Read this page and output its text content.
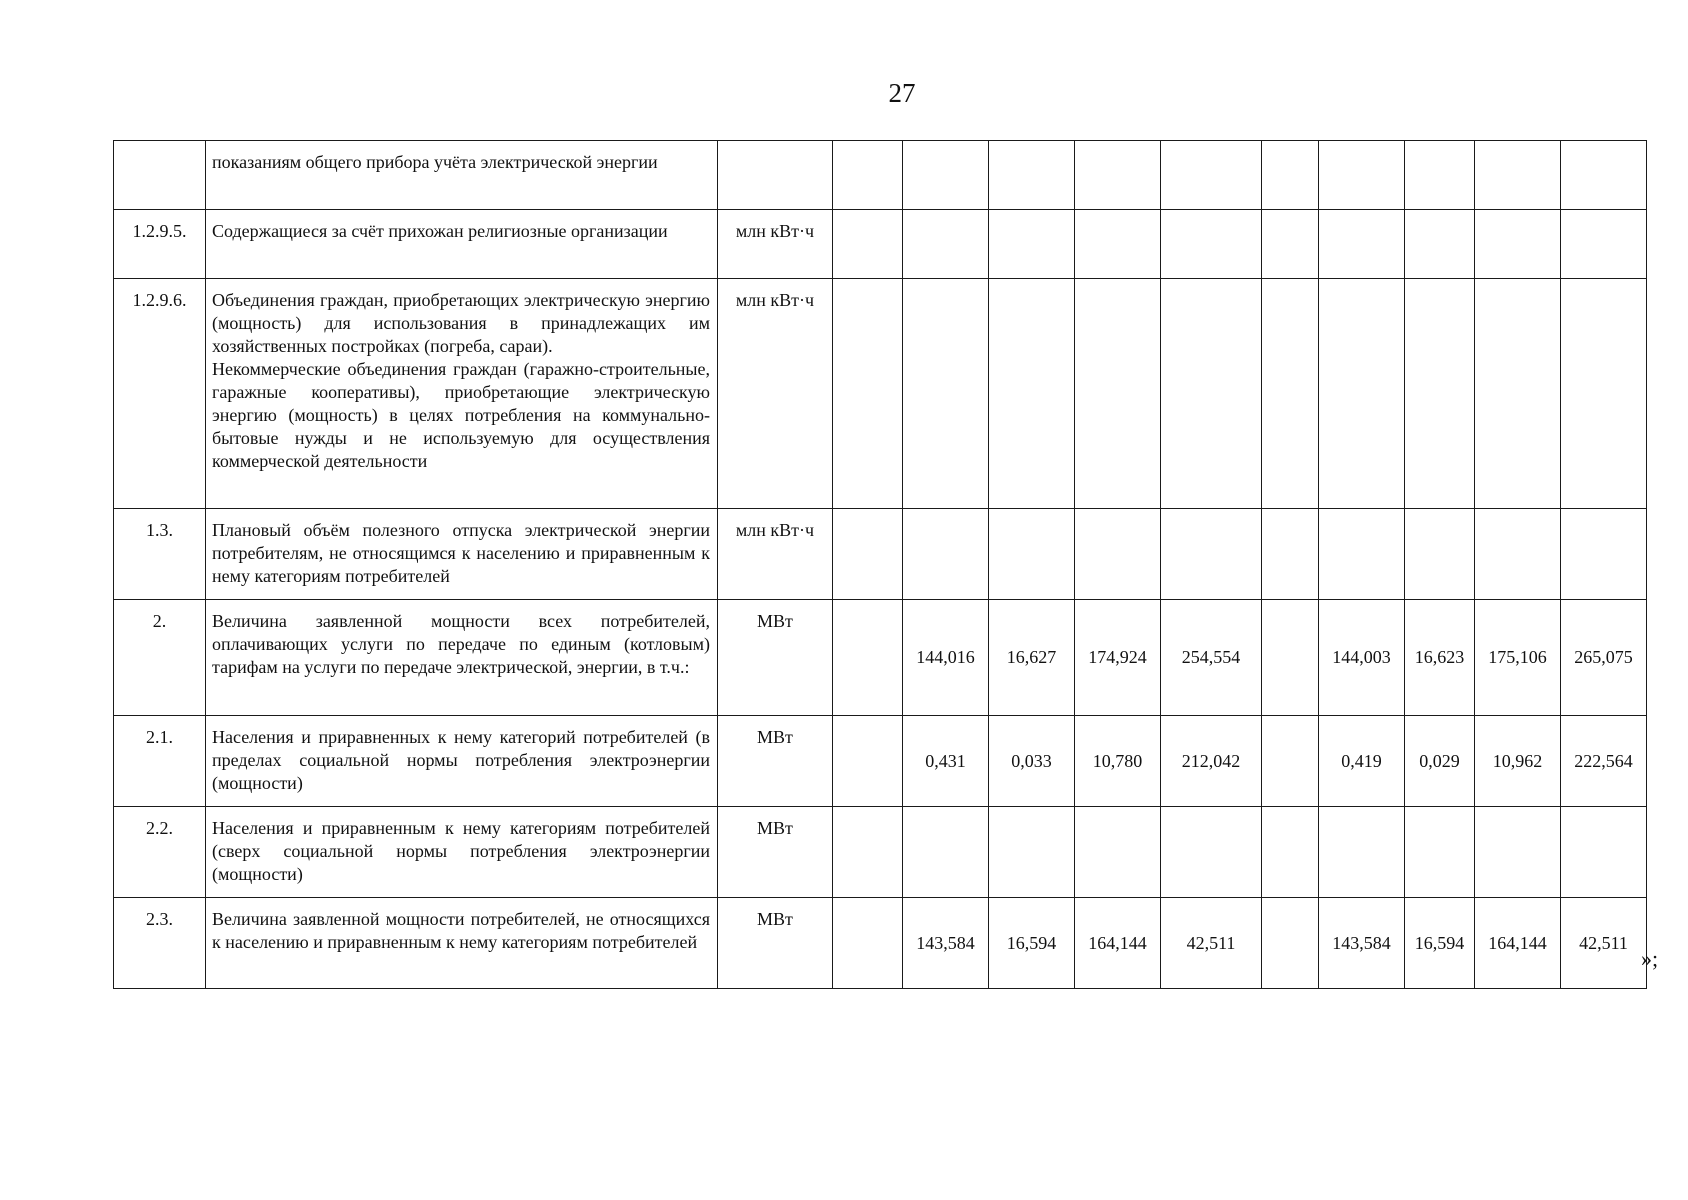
27

	показаниям общего прибора учёта электрической энергии											

1.2.9.5.	Содержащиеся за счёт прихожан религиозные организации	млн кВт·ч										
1.2.9.6.	Объединения граждан, приобретающих электрическую энергию (мощность) для использования в принадлежащих им хозяйственных постройках (погреба, сараи).
Некоммерческие объединения граждан (гаражно-строительные, гаражные кооперативы), приобретающие электрическую энергию (мощность) в целях потребления на коммунально-бытовые нужды и не используемую для осуществления коммерческой деятельности	млн кВт·ч										
1.3.	Плановый объём полезного отпуска электрической энергии потребителям, не относящимся к населению и приравненным к нему категориям потребителей	млн кВт·ч										
2.	Величина заявленной мощности всех потребителей, оплачивающих услуги по передаче по единым (котловым) тарифам на услуги по передаче электрической, энергии, в т.ч.:	МВт		144,016	16,627	174,924	254,554		144,003	16,623	175,106	265,075
2.1.	Населения и приравненных к нему категорий потребителей (в пределах социальной нормы потребления электроэнергии (мощности)	МВт		0,431	0,033	10,780	212,042		0,419	0,029	10,962	222,564
2.2.	Населения и приравненным к нему категориям потребителей (сверх социальной нормы потребления электроэнергии (мощности)	МВт										
2.3.	Величина заявленной мощности потребителей, не относящихся к населению и приравненным к нему категориям потребителей	МВт		143,584	16,594	164,144	42,511		143,584	16,594	164,144	42,511
»;
